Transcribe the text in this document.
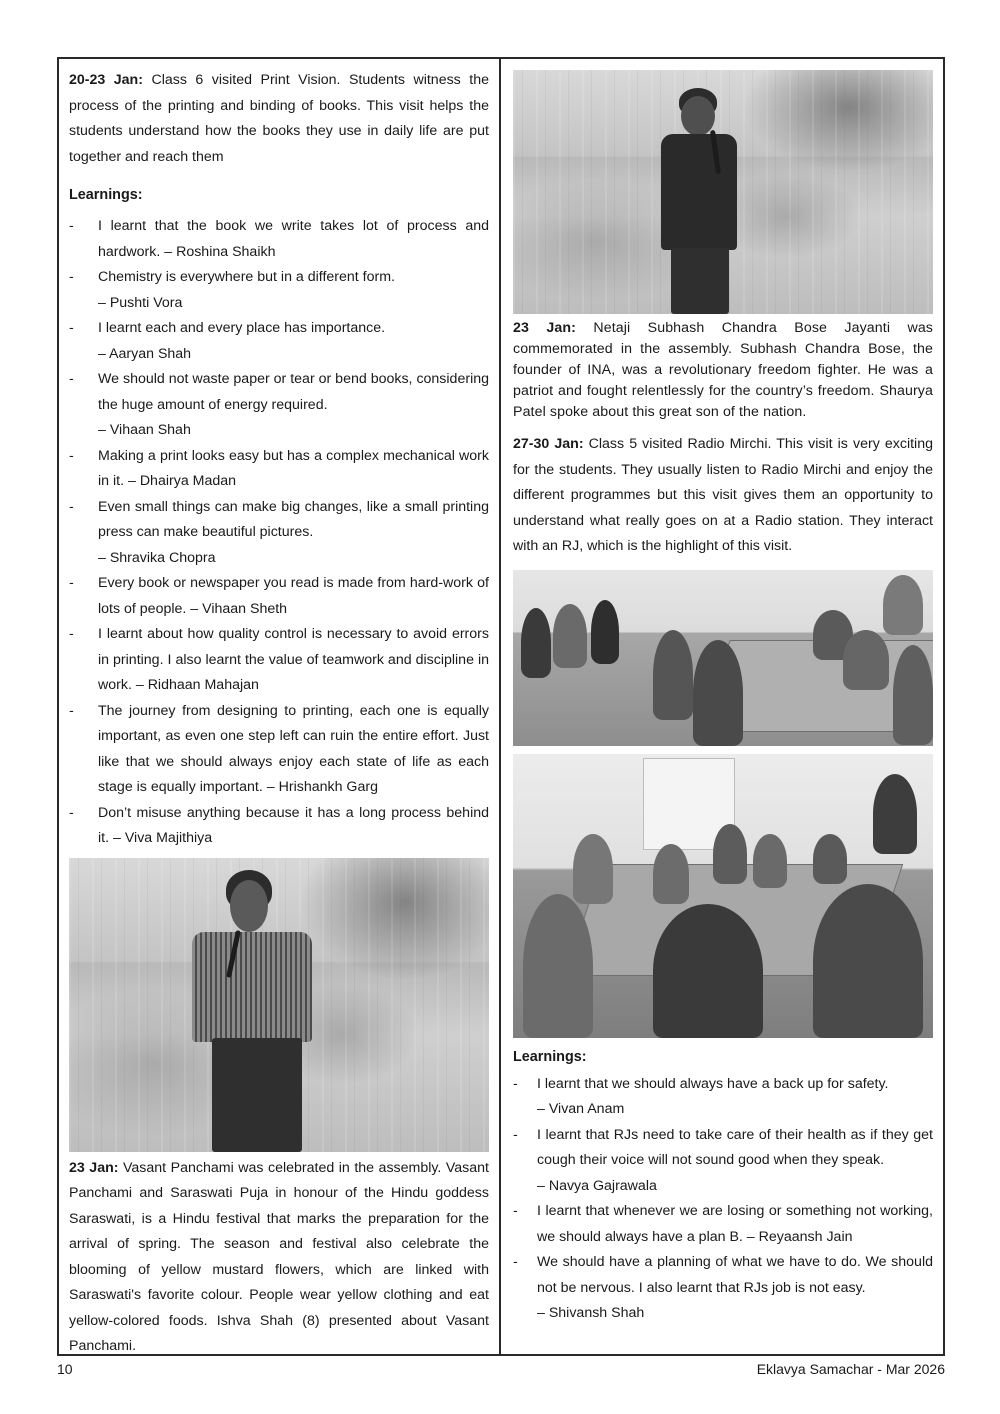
20-23 Jan: Class 6 visited Print Vision. Students witness the process of the printing and binding of books. This visit helps the students understand how the books they use in daily life are put together and reach them

Learnings:
- I learnt that the book we write takes lot of process and hardwork. – Roshina Shaikh
- Chemistry is everywhere but in a different form.
– Pushti Vora
- I learnt each and every place has importance.
– Aaryan Shah
- We should not waste paper or tear or bend books, considering the huge amount of energy required.
– Vihaan Shah
- Making a print looks easy but has a complex mechanical work in it. – Dhairya Madan
- Even small things can make big changes, like a small printing press can make beautiful pictures.
– Shravika Chopra
- Every book or newspaper you read is made from hard-work of lots of people. – Vihaan Sheth
- I learnt about how quality control is necessary to avoid errors in printing. I also learnt the value of teamwork and discipline in work. – Ridhaan Mahajan
- The journey from designing to printing, each one is equally important, as even one step left can ruin the entire effort. Just like that we should always enjoy each state of life as each stage is equally important. – Hrishankh Garg
- Don’t misuse anything because it has a long process behind it. – Viva Majithiya

23 Jan: Vasant Panchami was celebrated in the assembly. Vasant Panchami and Saraswati Puja in honour of the Hindu goddess Saraswati, is a Hindu festival that marks the preparation for the arrival of spring. The season and festival also celebrate the blooming of yellow mustard flowers, which are linked with Saraswati's favorite colour. People wear yellow clothing and eat yellow-colored foods. Ishva Shah (8) presented about Vasant Panchami.

23 Jan: Netaji Subhash Chandra Bose Jayanti was commemorated in the assembly. Subhash Chandra Bose, the founder of INA, was a revolutionary freedom fighter. He was a patriot and fought relentlessly for the country’s freedom. Shaurya Patel spoke about this great son of the nation.

27-30 Jan: Class 5 visited Radio Mirchi. This visit is very exciting for the students. They usually listen to Radio Mirchi and enjoy the different programmes but this visit gives them an opportunity to understand what really goes on at a Radio station. They interact with an RJ, which is the highlight of this visit.

Learnings:
- I learnt that we should always have a back up for safety.
– Vivan Anam
- I learnt that RJs need to take care of their health as if they get cough their voice will not sound good when they speak.
– Navya Gajrawala
- I learnt that whenever we are losing or something not working, we should always have a plan B. – Reyaansh Jain
- We should have a planning of what we have to do. We should not be nervous. I also learnt that RJs job is not easy.
– Shivansh Shah
10	Eklavya Samachar - Mar 2026
